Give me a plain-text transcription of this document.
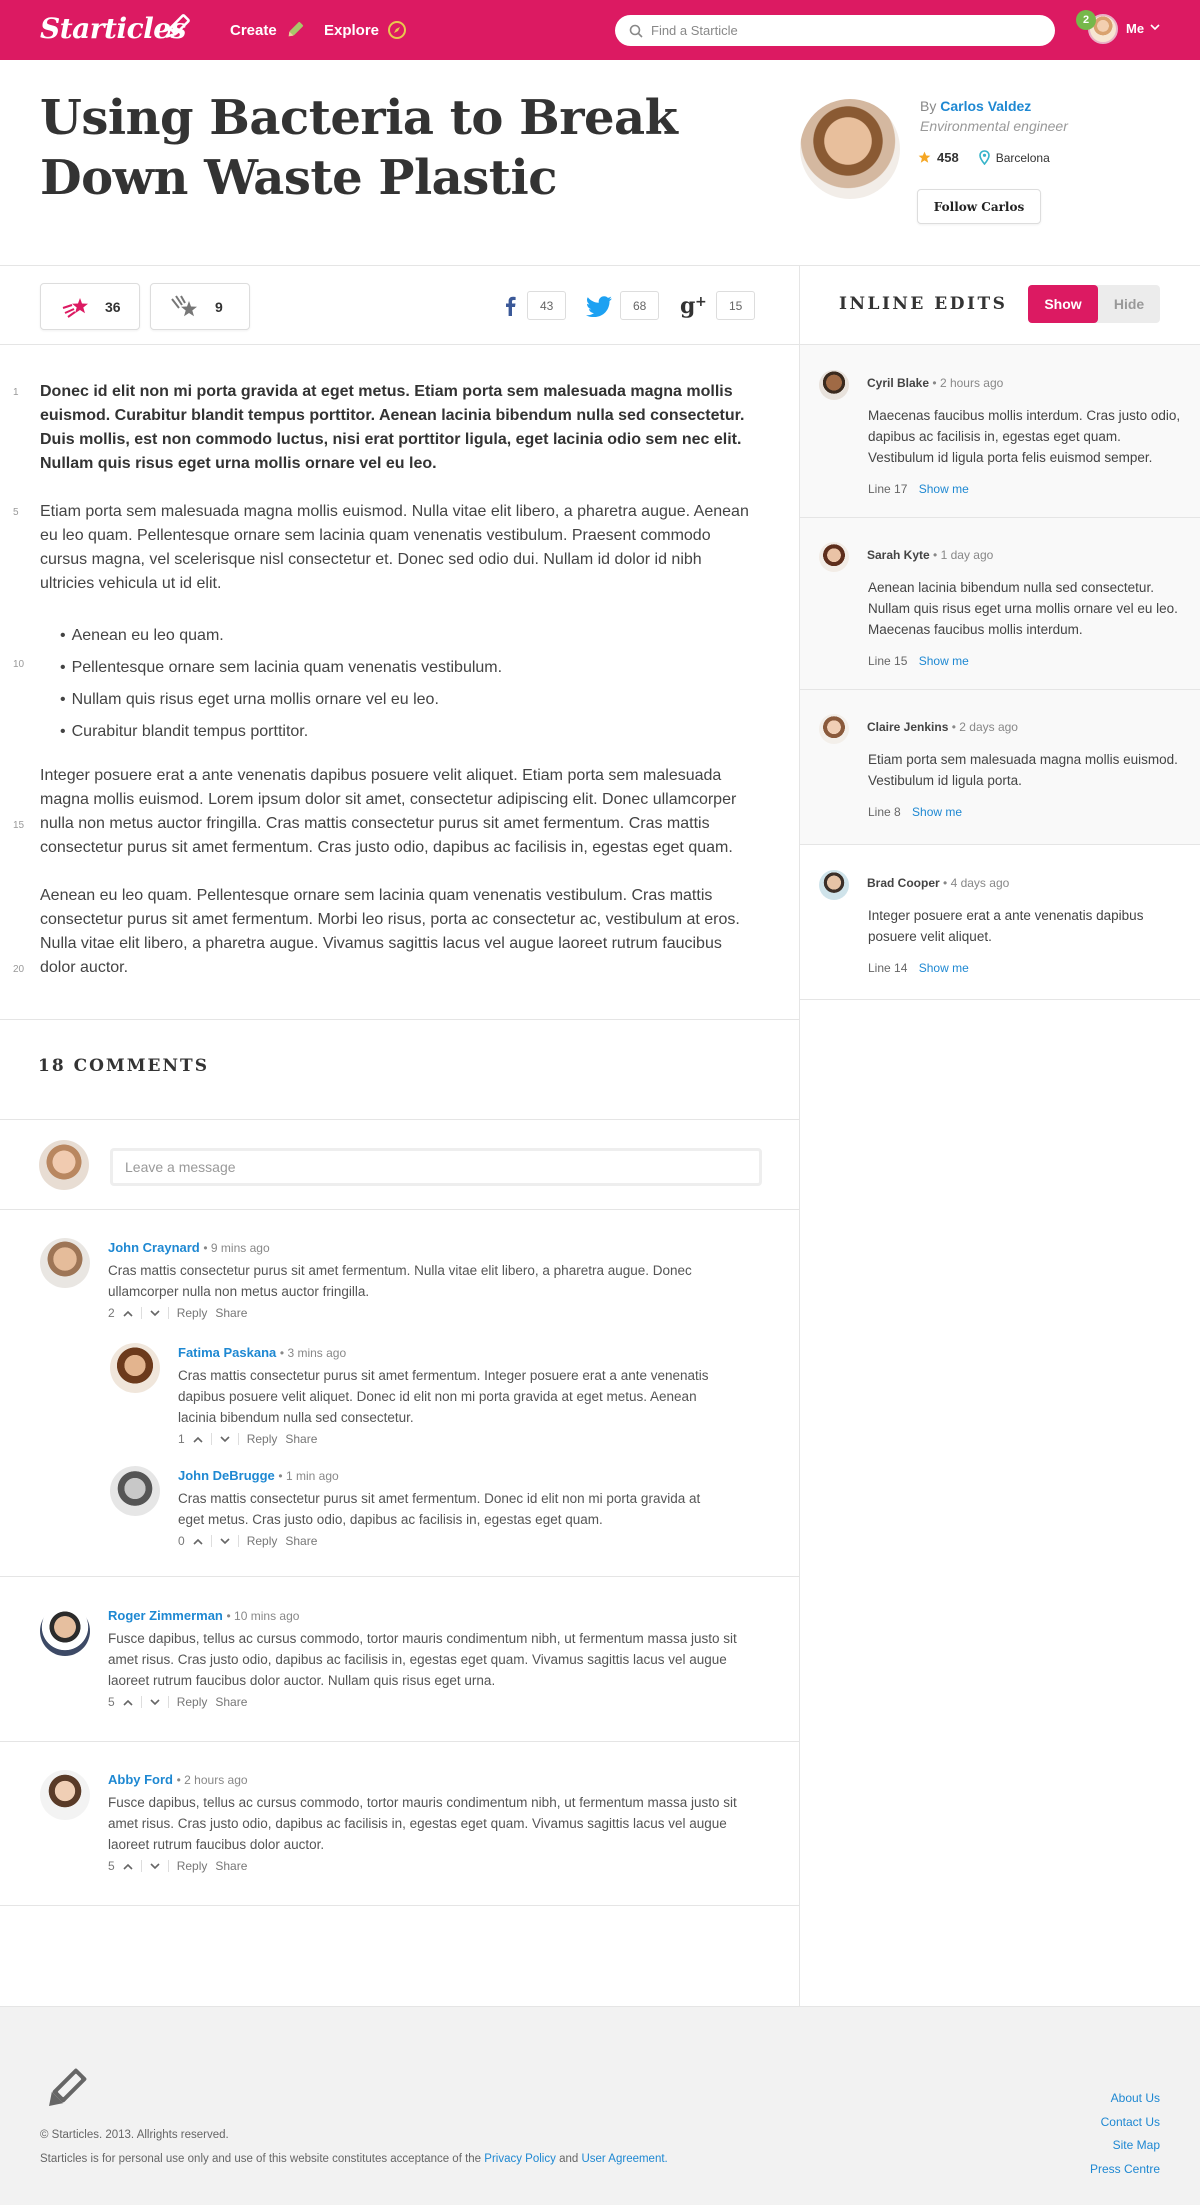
Starticles	Create	Explore
Find a Starticle
2
Me
Using Bacteria to Break Down Waste Plastic
By Carlos Valdez
Environmental engineer
458	Barcelona
Follow Carlos
36	9	43	68	g +	15
1
5
10
15
20

Donec id elit non mi porta gravida at eget metus. Etiam porta sem malesuada magna mollis euismod. Curabitur blandit tempus porttitor. Aenean lacinia bibendum nulla sed consectetur. Duis mollis, est non commodo luctus, nisi erat porttitor ligula, eget lacinia odio sem nec elit. Nullam quis risus eget urna mollis ornare vel eu leo.

Etiam porta sem malesuada magna mollis euismod. Nulla vitae elit libero, a pharetra augue. Aenean eu leo quam. Pellentesque ornare sem lacinia quam venenatis vestibulum. Praesent commodo cursus magna, vel scelerisque nisl consectetur et. Donec sed odio dui. Nullam id dolor id nibh ultricies vehicula ut id elit.

• Aenean eu leo quam.
• Pellentesque ornare sem lacinia quam venenatis vestibulum.
• Nullam quis risus eget urna mollis ornare vel eu leo.
• Curabitur blandit tempus porttitor.

Integer posuere erat a ante venenatis dapibus posuere velit aliquet. Etiam porta sem malesuada magna mollis euismod. Lorem ipsum dolor sit amet, consectetur adipiscing elit. Donec ullamcorper nulla non metus auctor fringilla. Cras mattis consectetur purus sit amet fermentum. Cras mattis consectetur purus sit amet fermentum. Cras justo odio, dapibus ac facilisis in, egestas eget quam.

Aenean eu leo quam. Pellentesque ornare sem lacinia quam venenatis vestibulum. Cras mattis consectetur purus sit amet fermentum. Morbi leo risus, porta ac consectetur ac, vestibulum at eros. Nulla vitae elit libero, a pharetra augue. Vivamus sagittis lacus vel augue laoreet rutrum faucibus dolor auctor.

18 COMMENTS
Leave a message
John Craynard • 9 mins ago

Cras mattis consectetur purus sit amet fermentum. Nulla vitae elit libero, a pharetra augue. Donec ullamcorper nulla non metus auctor fringilla.

2	Reply Share
Fatima Paskana • 3 mins ago

Cras mattis consectetur purus sit amet fermentum. Integer posuere erat a ante venenatis dapibus posuere velit aliquet. Donec id elit non mi porta gravida at eget metus. Aenean lacinia bibendum nulla sed consectetur.

1	Reply Share
John DeBrugge • 1 min ago

Cras mattis consectetur purus sit amet fermentum. Donec id elit non mi porta gravida at eget metus. Cras justo odio, dapibus ac facilisis in, egestas eget quam.

0	Reply Share
Roger Zimmerman • 10 mins ago

Fusce dapibus, tellus ac cursus commodo, tortor mauris condimentum nibh, ut fermentum massa justo sit amet risus. Cras justo odio, dapibus ac facilisis in, egestas eget quam. Vivamus sagittis lacus vel augue laoreet rutrum faucibus dolor auctor. Nullam quis risus eget urna.

5	Reply Share
Abby Ford • 2 hours ago

Fusce dapibus, tellus ac cursus commodo, tortor mauris condimentum nibh, ut fermentum massa justo sit amet risus. Cras justo odio, dapibus ac facilisis in, egestas eget quam. Vivamus sagittis lacus vel augue laoreet rutrum faucibus dolor auctor.

5	Reply Share
INLINE EDITS	Show	Hide
Cyril Blake • 2 hours ago

Maecenas faucibus mollis interdum. Cras justo odio, dapibus ac facilisis in, egestas eget quam. Vestibulum id ligula porta felis euismod semper.

Line 17 Show me
Sarah Kyte • 1 day ago

Aenean lacinia bibendum nulla sed consectetur. Nullam quis risus eget urna mollis ornare vel eu leo. Maecenas faucibus mollis interdum.

Line 15 Show me
Claire Jenkins • 2 days ago

Etiam porta sem malesuada magna mollis euismod. Vestibulum id ligula porta.

Line 8 Show me
Brad Cooper • 4 days ago

Integer posuere erat a ante venenatis dapibus posuere velit aliquet.

Line 14 Show me
© Starticles. 2013. Allrights reserved.
Starticles is for personal use only and use of this website constitutes acceptance of the Privacy Policy and User Agreement.
About Us
Contact Us
Site Map
Press Centre
